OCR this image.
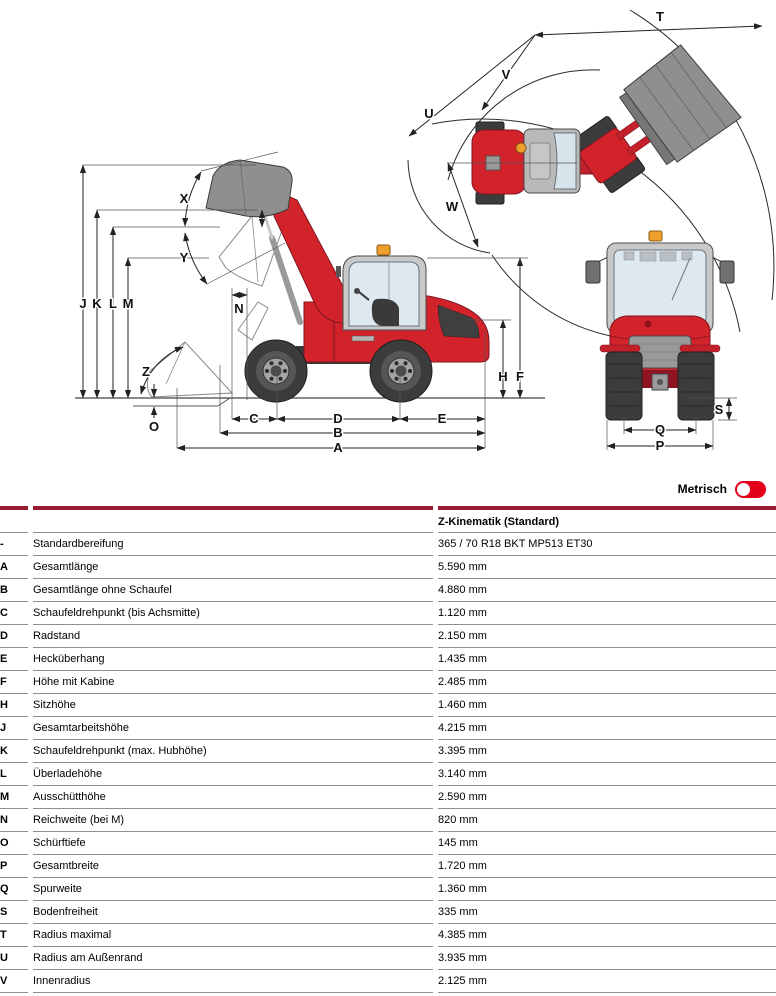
T
V
U
W
J K L M
X
Y
Z
O
N
H F
C	D	E
B
A
S
Q
P
Metrisch
Z-Kinematik (Standard)
-	Standardbereifung	365 / 70 R18 BKT MP513 ET30
A	Gesamtlänge	5.590 mm
B	Gesamtlänge ohne Schaufel	4.880 mm
C	Schaufeldrehpunkt (bis Achsmitte)	1.120 mm
D	Radstand	2.150 mm
E	Hecküberhang	1.435 mm
F	Höhe mit Kabine	2.485 mm
H	Sitzhöhe	1.460 mm
J	Gesamtarbeitshöhe	4.215 mm
K	Schaufeldrehpunkt (max. Hubhöhe)	3.395 mm
L	Überladehöhe	3.140 mm
M	Ausschütthöhe	2.590 mm
N	Reichweite (bei M)	820 mm
O	Schürftiefe	145 mm
P	Gesamtbreite	1.720 mm
Q	Spurweite	1.360 mm
S	Bodenfreiheit	335 mm
T	Radius maximal	4.385 mm
U	Radius am Außenrand	3.935 mm
V	Innenradius	2.125 mm
